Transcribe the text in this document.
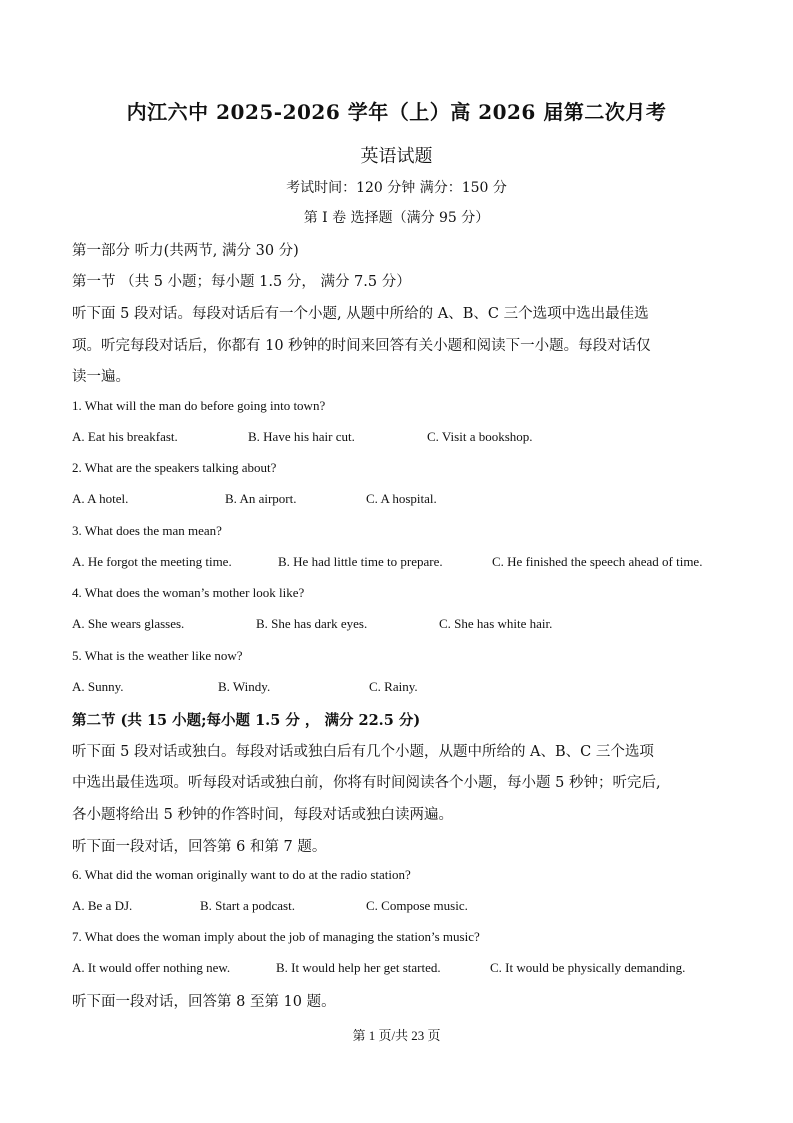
内江六中 2025-2026 学年（上）高 2026 届第二次月考
英语试题
考试时间：120 分钟 满分：150 分
第 I 卷 选择题（满分 95 分）
第一部分 听力(共两节, 满分 30 分)
第一节 （共 5 小题；每小题 1.5 分， 满分 7.5 分）
听下面 5 段对话。每段对话后有一个小题, 从题中所给的 A、B、C 三个选项中选出最佳选
项。听完每段对话后，你都有 10 秒钟的时间来回答有关小题和阅读下一小题。每段对话仅
读一遍。
1. What will the man do before going into town?
A. Eat his breakfast.	B. Have his hair cut.	C. Visit a bookshop.
2. What are the speakers talking about?
A. A hotel.	B. An airport.	C. A hospital.
3. What does the man mean?
A. He forgot the meeting time.	B. He had little time to prepare.	C. He finished the speech ahead of time.
4. What does the woman’s mother look like?
A. She wears glasses.	B. She has dark eyes.	C. She has white hair.
5. What is the weather like now?
A. Sunny.	B. Windy.	C. Rainy.
第二节 (共 15 小题;每小题 1.5 分 ， 满分 22.5 分)
听下面 5 段对话或独白。每段对话或独白后有几个小题，从题中所给的 A、B、C 三个选项
中选出最佳选项。听每段对话或独白前，你将有时间阅读各个小题，每小题 5 秒钟；听完后,
各小题将给出 5 秒钟的作答时间，每段对话或独白读两遍。
听下面一段对话，回答第 6 和第 7 题。
6. What did the woman originally want to do at the radio station?
A. Be a DJ.	B. Start a podcast.	C. Compose music.
7. What does the woman imply about the job of managing the station’s music?
A. It would offer nothing new.	B. It would help her get started.	C. It would be physically demanding.
听下面一段对话，回答第 8 至第 10 题。
第 1 页/共 23 页
